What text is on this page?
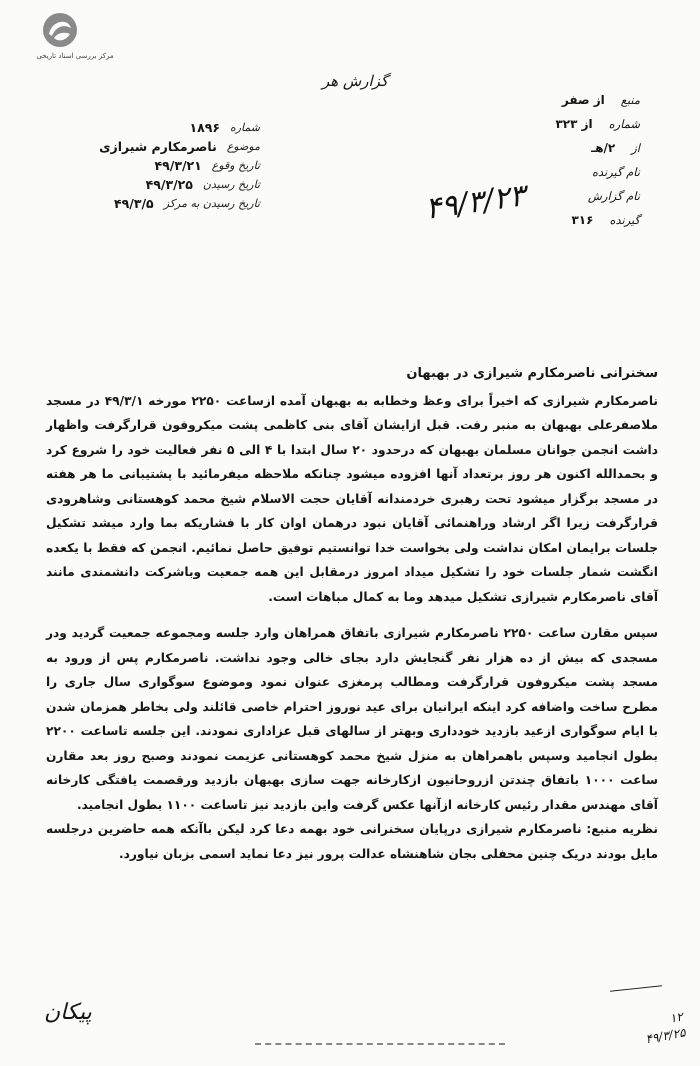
مرکز بررسی اسناد تاریخی
گزارش هر
شماره
۱۸۹۶
موضوع
ناصرمکارم شیرازی
تاریخ وقوع
۴۹/۳/۲۱
تاریخ رسیدن
۴۹/۳/۲۵
تاریخ رسیدن به مرکز
۴۹/۳/۵
منبع
از صفر
شماره
از ۳۲۳
از
۲/هـ
نام گیرنده
نام گزارش
گیرنده
۳۱۶
۴۹/۳/۲۳

سخنرانی ناصرمکارم شیرازی در بهبهان

ناصرمکارم شیرازی که اخیراً برای وعظ وخطابه به بهبهان آمده ازساعت ۲۲۵۰ مورخه ۴۹/۳/۱ در مسجد ملاصفرعلی بهبهان به منبر رفت. قبل ازایشان آقای بنی کاظمی پشت میکروفون قرارگرفت واظهار داشت انجمن جوانان مسلمان بهبهان که درحدود ۲۰ سال ابتدا با ۴ الی ۵ نفر فعالیت خود را شروع کرد و بحمدالله اکنون هر روز برتعداد آنها افزوده میشود چنانکه ملاحظه میفرمائید با پشتیبانی ما هر هفته در مسجد برگزار میشود تحت رهبری خردمندانه آقایان حجت الاسلام شیخ محمد کوهستانی وشاهرودی قرارگرفت زیرا اگر ارشاد وراهنمائی آقایان نبود درهمان اوان کار با فشاریکه بما وارد میشد تشکیل جلسات برایمان امکان نداشت ولی بخواست خدا توانستیم توفیق حاصل نمائیم. انجمن که فقط با یکعده انگشت شمار جلسات خود را تشکیل میداد امروز درمقابل این همه جمعیت وباشرکت دانشمندی مانند آقای ناصرمکارم شیرازی تشکیل میدهد وما به کمال مباهات است.

سپس مقارن ساعت ۲۲۵۰ ناصرمکارم شیرازی باتفاق همراهان وارد جلسه ومجموعه جمعیت گردید ودر مسجدی که بیش از ده هزار نفر گنجایش دارد بجای خالی وجود نداشت. ناصرمکارم پس از ورود به مسجد پشت میکروفون قرارگرفت ومطالب پرمغزی عنوان نمود وموضوع سوگواری سال جاری را مطرح ساخت واضافه کرد اینکه ایرانیان برای عید نوروز احترام خاصی قائلند ولی بخاطر همزمان شدن با ایام سوگواری ازعید بازدید خودداری وبهتر از سالهای قبل عزاداری نمودند. این جلسه تاساعت ۲۲۰۰ بطول انجامید وسپس باهمراهان به منزل شیخ محمد کوهستانی عزیمت نمودند وصبح روز بعد مقارن ساعت ۱۰۰۰ باتفاق چندتن ازروحانیون ازکارخانه جهت سازی بهبهان بازدید ورقصمت یافتگی کارخانه آقای مهندس مقدار رئیس کارخانه ازآنها عکس گرفت واین بازدید نیز تاساعت ۱۱۰۰ بطول انجامید.

نظریه منبع: ناصرمکارم شیرازی درپایان سخنرانی خود بهمه دعا کرد لیکن باآنکه همه حاضرین درجلسه مایل بودند دریک چنین محفلی بجان شاهنشاه عدالت پرور نیز دعا نماید اسمی بزبان نیاورد.

پیکان	۱۲
۴۹/۳/۲۵
